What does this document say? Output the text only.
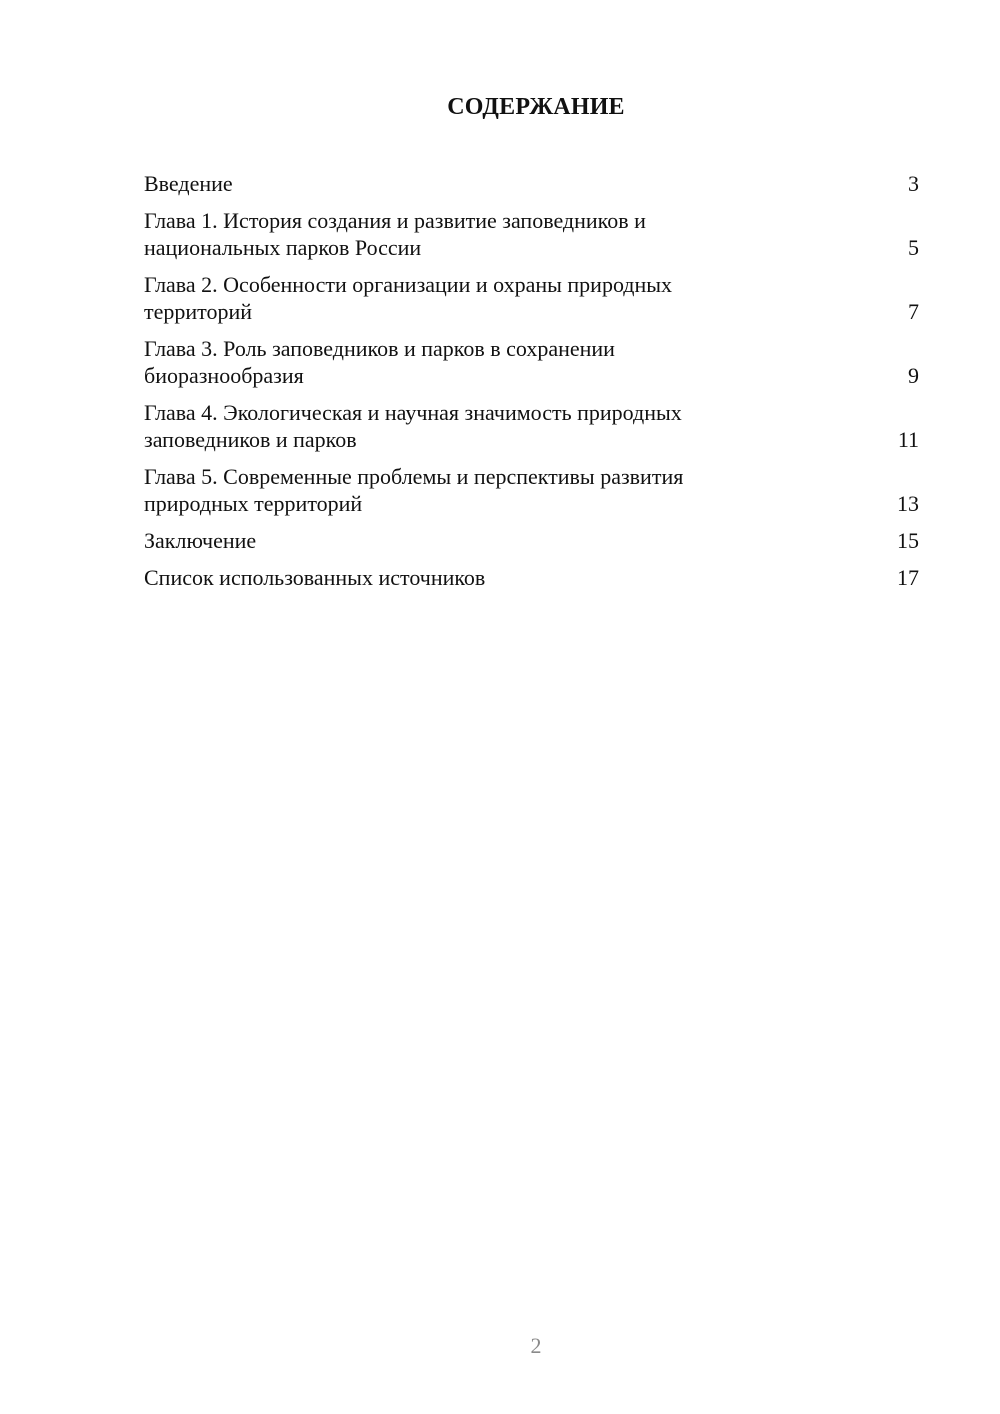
СОДЕРЖАНИЕ
Введение	3
Глава 1. История создания и развитие заповедников и
национальных парков России	5
Глава 2. Особенности организации и охраны природных
территорий	7
Глава 3. Роль заповедников и парков в сохранении
биоразнообразия	9
Глава 4. Экологическая и научная значимость природных
заповедников и парков	11
Глава 5. Современные проблемы и перспективы развития
природных территорий	13
Заключение	15
Список использованных источников	17
2
